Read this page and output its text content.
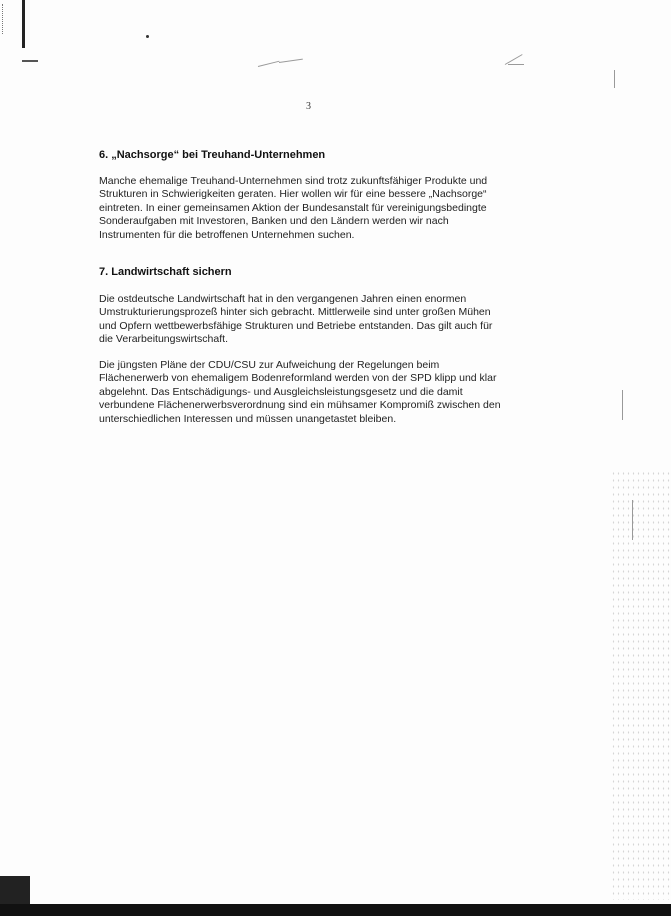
3
6. „Nachsorge“ bei Treuhand-Unternehmen
Manche ehemalige Treuhand-Unternehmen sind trotz zukunftsfähiger Produkte und
Strukturen in Schwierigkeiten geraten. Hier wollen wir für eine bessere „Nachsorge“
eintreten. In einer gemeinsamen Aktion der Bundesanstalt für vereinigungsbedingte
Sonderaufgaben mit Investoren, Banken und den Ländern werden wir nach
Instrumenten für die betroffenen Unternehmen suchen.
7. Landwirtschaft sichern
Die ostdeutsche Landwirtschaft hat in den vergangenen Jahren einen enormen
Umstrukturierungsprozeß hinter sich gebracht. Mittlerweile sind unter großen Mühen
und Opfern wettbewerbsfähige Strukturen und Betriebe entstanden. Das gilt auch für
die Verarbeitungswirtschaft.
Die jüngsten Pläne der CDU/CSU zur Aufweichung der Regelungen beim
Flächenerwerb von ehemaligem Bodenreformland werden von der SPD klipp und klar
abgelehnt. Das Entschädigungs- und Ausgleichsleistungsgesetz und die damit
verbundene Flächenerwerbsverordnung sind ein mühsamer Kompromiß zwischen den
unterschiedlichen Interessen und müssen unangetastet bleiben.
